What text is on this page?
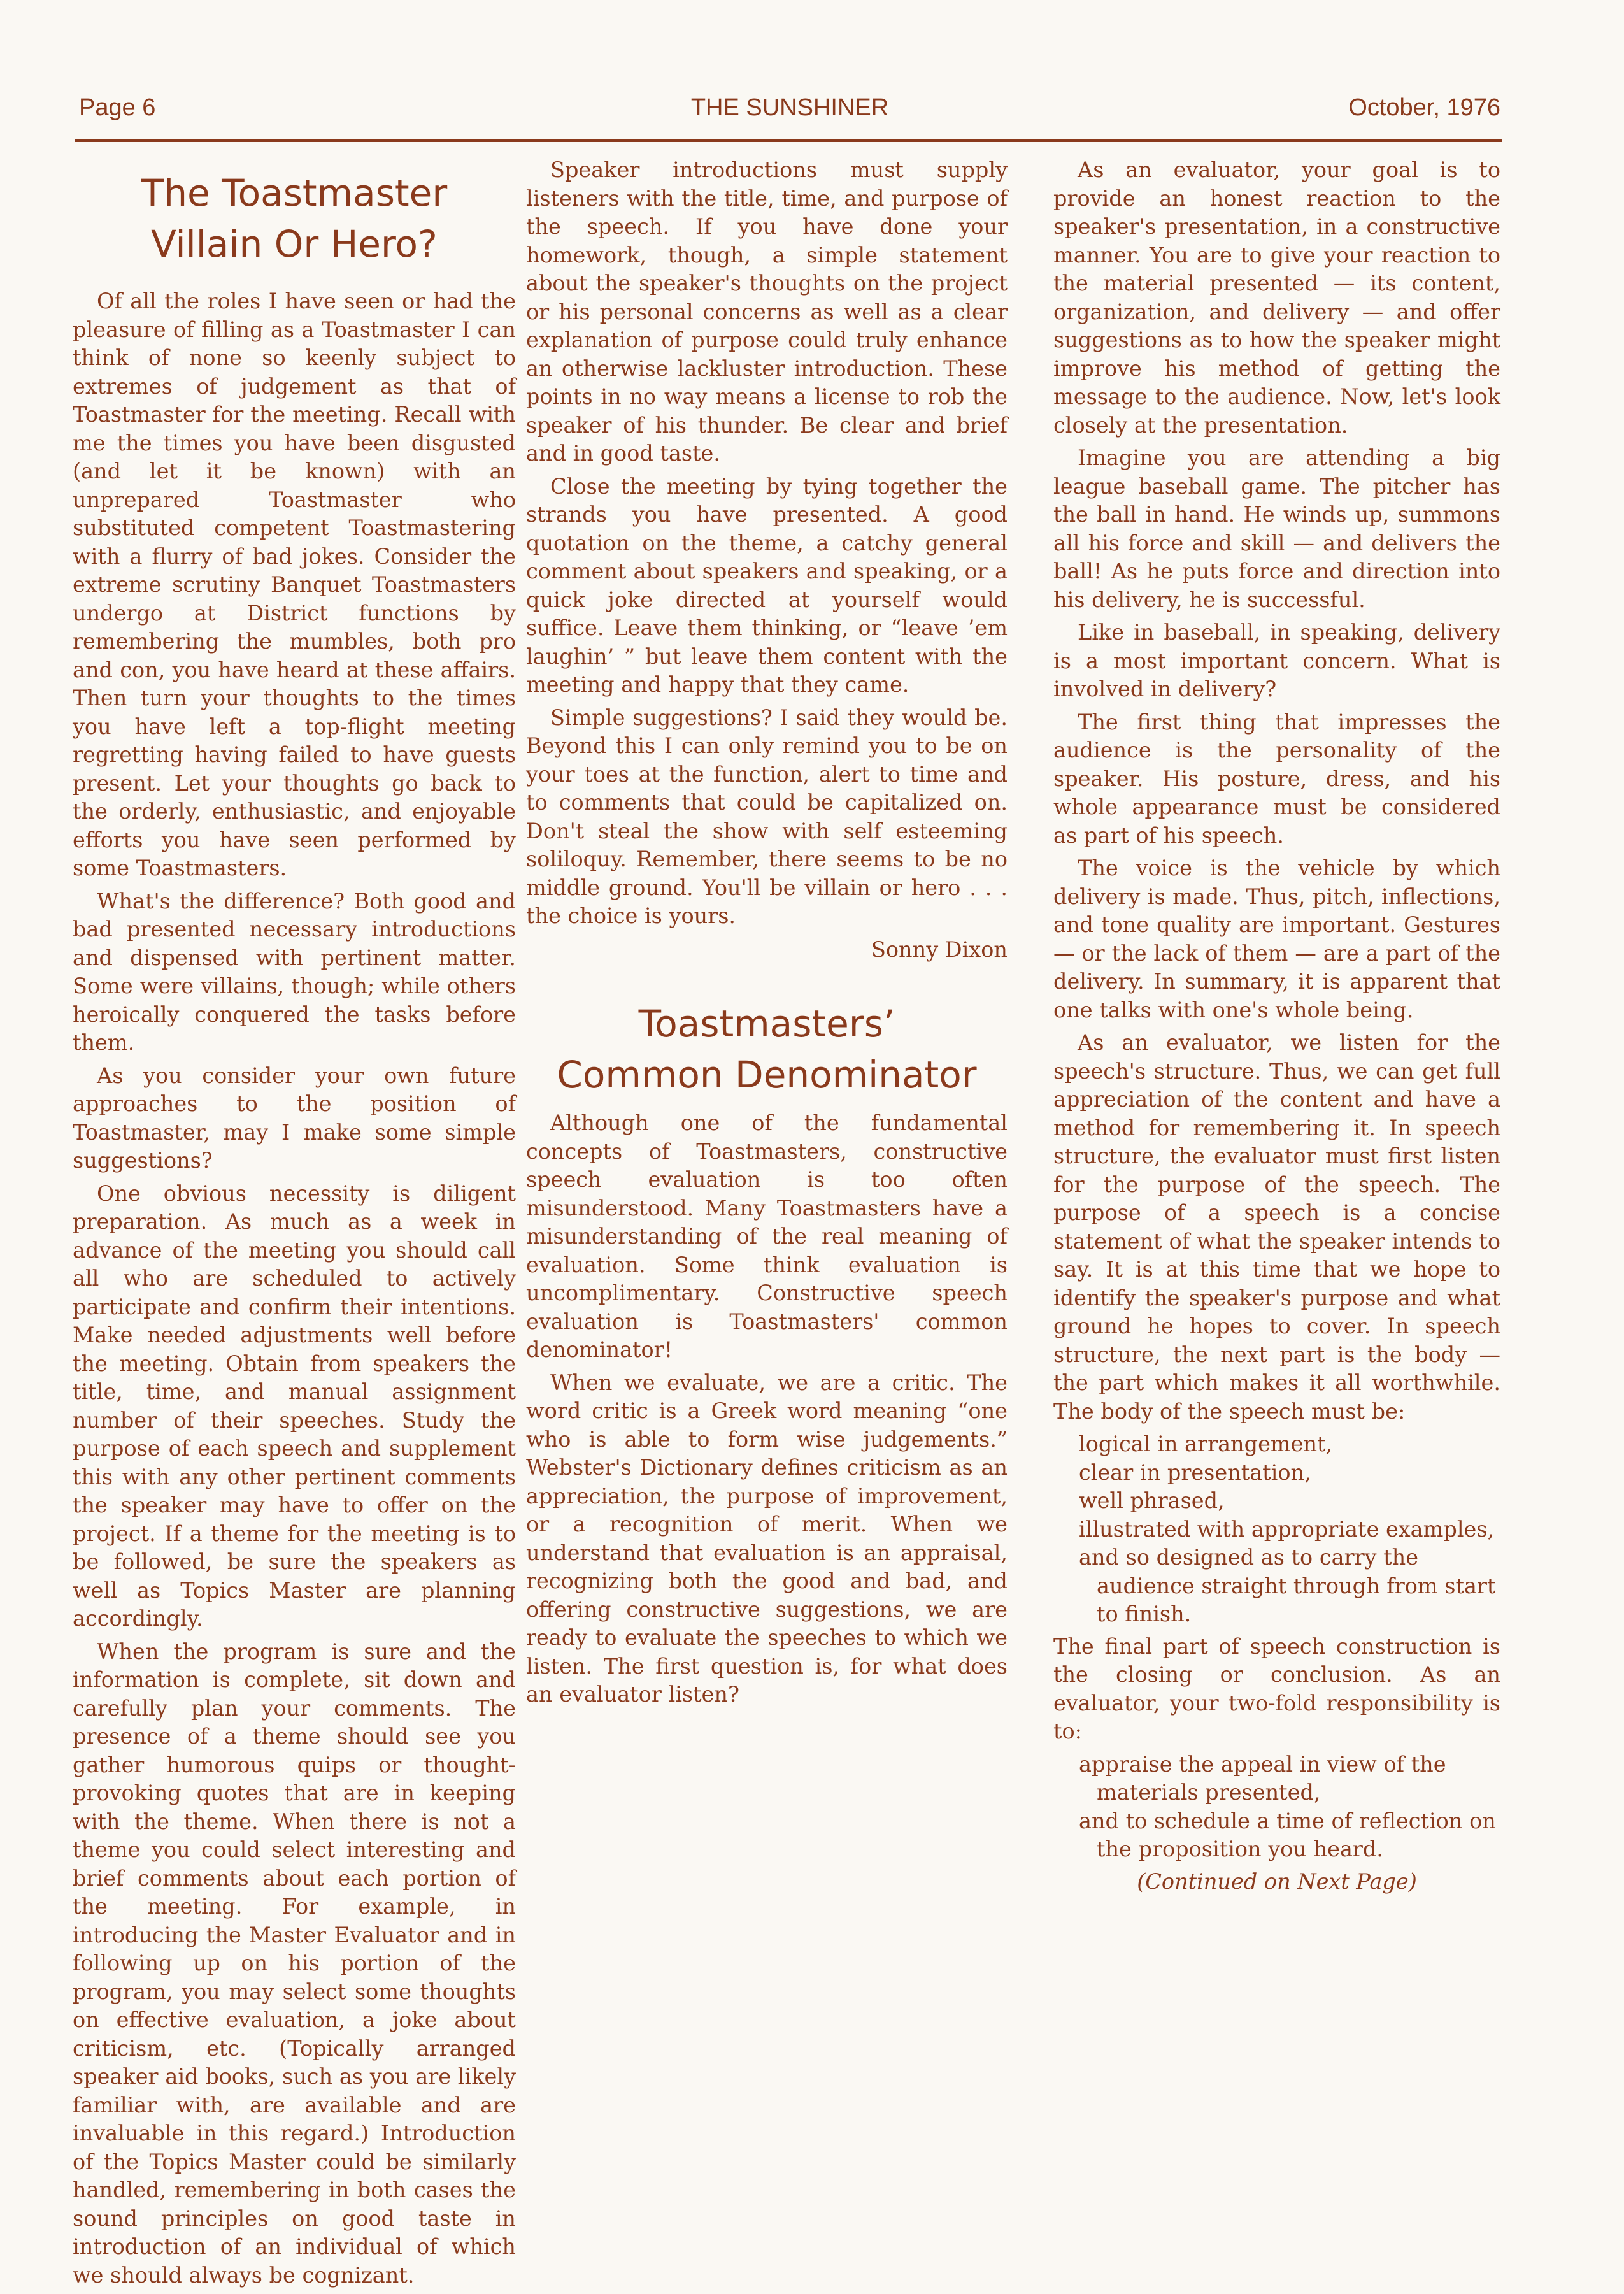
Page 6	THE SUNSHINER	October, 1976
The Toastmaster
Villain Or Hero?

Of all the roles I have seen or had the pleasure of filling as a Toastmaster I can think of none so keenly subject to extremes of judgement as that of Toastmaster for the meeting. Recall with me the times you have been disgusted (and let it be known) with an unprepared Toastmaster who substituted competent Toastmastering with a flurry of bad jokes. Consider the extreme scrutiny Banquet Toastmasters undergo at District functions by remembering the mumbles, both pro and con, you have heard at these affairs. Then turn your thoughts to the times you have left a top-flight meeting regretting having failed to have guests present. Let your thoughts go back to the orderly, enthusiastic, and enjoyable efforts you have seen performed by some Toastmasters.

What's the difference? Both good and bad presented necessary introductions and dispensed with pertinent matter. Some were villains, though; while others heroically conquered the tasks before them.

As you consider your own future approaches to the position of Toastmaster, may I make some simple suggestions?

One obvious necessity is diligent preparation. As much as a week in advance of the meeting you should call all who are scheduled to actively participate and confirm their intentions. Make needed adjustments well before the meeting. Obtain from speakers the title, time, and manual assignment number of their speeches. Study the purpose of each speech and supplement this with any other pertinent comments the speaker may have to offer on the project. If a theme for the meeting is to be followed, be sure the speakers as well as Topics Master are planning accordingly.

When the program is sure and the information is complete, sit down and carefully plan your comments. The presence of a theme should see you gather humorous quips or thought-provoking quotes that are in keeping with the theme. When there is not a theme you could select interesting and brief comments about each portion of the meeting. For example, in introducing the Master Evaluator and in following up on his portion of the program, you may select some thoughts on effective evaluation, a joke about criticism, etc. (Topically arranged speaker aid books, such as you are likely familiar with, are available and are invaluable in this regard.) Introduction of the Topics Master could be similarly handled, remembering in both cases the sound principles on good taste in introduction of an individual of which we should always be cognizant.

Speaker introductions must supply listeners with the title, time, and purpose of the speech. If you have done your homework, though, a simple statement about the speaker's thoughts on the project or his personal concerns as well as a clear explanation of purpose could truly enhance an otherwise lackluster introduction. These points in no way means a license to rob the speaker of his thunder. Be clear and brief and in good taste.

Close the meeting by tying together the strands you have presented. A good quotation on the theme, a catchy general comment about speakers and speaking, or a quick joke directed at yourself would suffice. Leave them thinking, or “leave ’em laughin’ ” but leave them content with the meeting and happy that they came.

Simple suggestions? I said they would be. Beyond this I can only remind you to be on your toes at the function, alert to time and to comments that could be capitalized on. Don't steal the show with self esteeming soliloquy. Remember, there seems to be no middle ground. You'll be villain or hero . . . the choice is yours.

Sonny Dixon
Toastmasters’
Common Denominator

Although one of the fundamental concepts of Toastmasters, constructive speech evaluation is too often misunderstood. Many Toastmasters have a misunderstanding of the real meaning of evaluation. Some think evaluation is uncomplimentary. Constructive speech evaluation is Toastmasters' common denominator!

When we evaluate, we are a critic. The word critic is a Greek word meaning “one who is able to form wise judgements.” Webster's Dictionary defines criticism as an appreciation, the purpose of improvement, or a recognition of merit. When we understand that evaluation is an appraisal, recognizing both the good and bad, and offering constructive suggestions, we are ready to evaluate the speeches to which we listen. The first question is, for what does an evaluator listen?

As an evaluator, your goal is to provide an honest reaction to the speaker's presentation, in a constructive manner. You are to give your reaction to the material presented — its content, organization, and delivery — and offer suggestions as to how the speaker might improve his method of getting the message to the audience. Now, let's look closely at the presentation.

Imagine you are attending a big league baseball game. The pitcher has the ball in hand. He winds up, summons all his force and skill — and delivers the ball! As he puts force and direction into his delivery, he is successful.

Like in baseball, in speaking, delivery is a most important concern. What is involved in delivery?

The first thing that impresses the audience is the personality of the speaker. His posture, dress, and his whole appearance must be considered as part of his speech.

The voice is the vehicle by which delivery is made. Thus, pitch, inflections, and tone quality are important. Gestures — or the lack of them — are a part of the delivery. In summary, it is apparent that one talks with one's whole being.

As an evaluator, we listen for the speech's structure. Thus, we can get full appreciation of the content and have a method for remembering it. In speech structure, the evaluator must first listen for the purpose of the speech. The purpose of a speech is a concise statement of what the speaker intends to say. It is at this time that we hope to identify the speaker's purpose and what ground he hopes to cover. In speech structure, the next part is the body — the part which makes it all worthwhile. The body of the speech must be:

logical in arrangement,
clear in presentation,
well phrased,
illustrated with appropriate examples,
and so designed as to carry the audience straight through from start to finish.

The final part of speech construction is the closing or conclusion. As an evaluator, your two-fold responsibility is to:

appraise the appeal in view of the materials presented,
and to schedule a time of reflection on the proposition you heard.
(Continued on Next Page)
